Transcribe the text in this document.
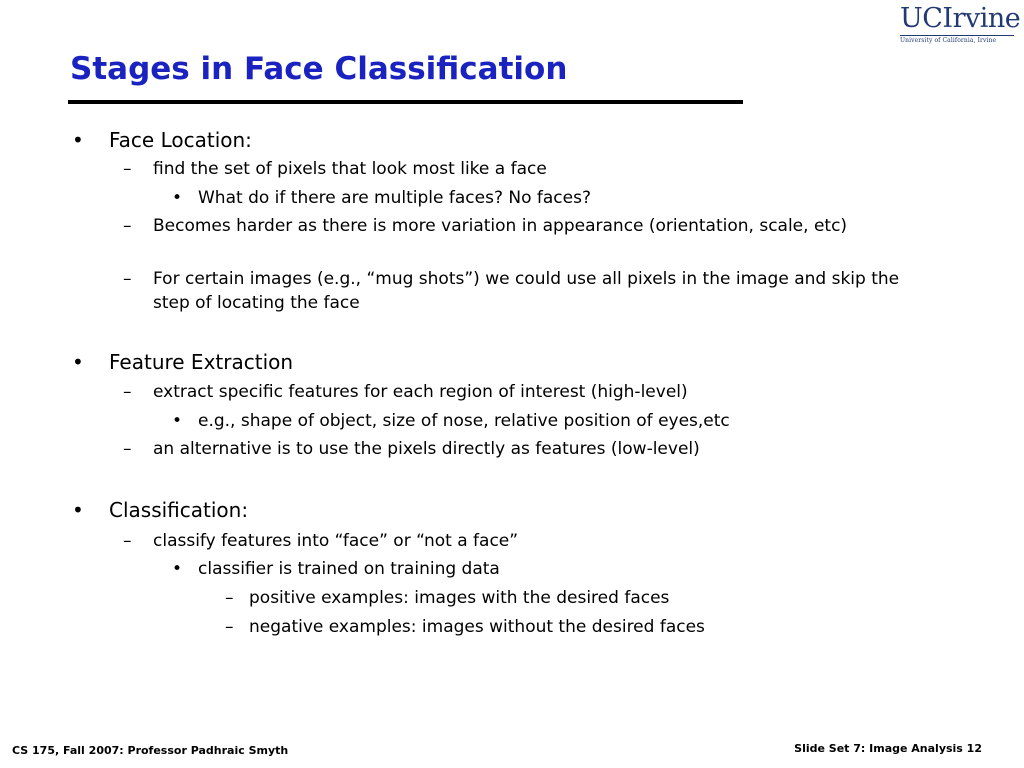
Stages in Face Classification
UCIrvine
University of California, Irvine
• Face Location:
– find the set of pixels that look most like a face
• What do if there are multiple faces? No faces?
– Becomes harder as there is more variation in appearance (orientation, scale, etc)
– For certain images (e.g., “mug shots”) we could use all pixels in the image and skip the step of locating the face
• Feature Extraction
– extract specific features for each region of interest (high-level)
• e.g., shape of object, size of nose, relative position of eyes,etc
– an alternative is to use the pixels directly as features (low-level)
• Classification:
– classify features into “face” or “not a face”
• classifier is trained on training data
– positive examples: images with the desired faces
– negative examples: images without the desired faces
CS 175, Fall 2007: Professor Padhraic Smyth	Slide Set 7: Image Analysis 12
